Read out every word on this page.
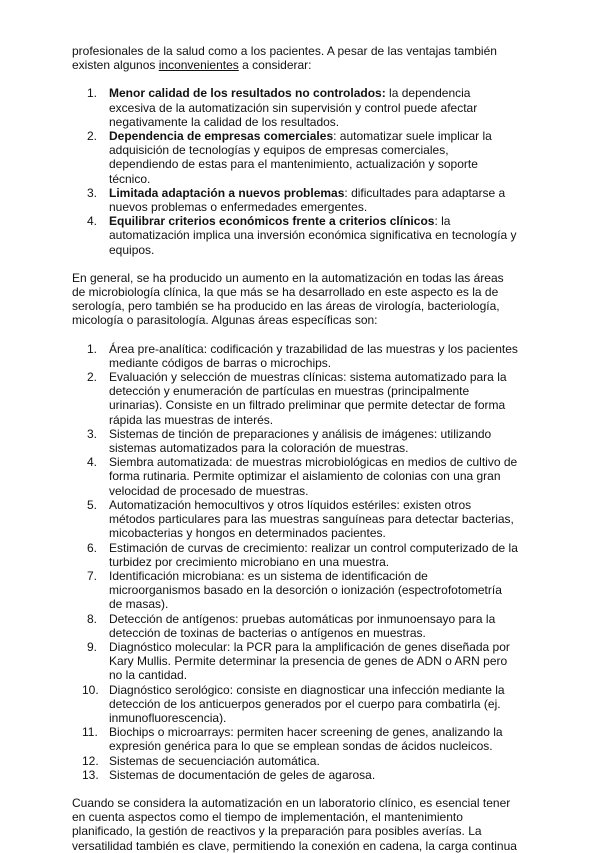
profesionales de la salud como a los pacientes. A pesar de las ventajas también existen algunos inconvenientes a considerar:

1. Menor calidad de los resultados no controlados: la dependencia excesiva de la automatización sin supervisión y control puede afectar negativamente la calidad de los resultados.
2. Dependencia de empresas comerciales: automatizar suele implicar la adquisición de tecnologías y equipos de empresas comerciales, dependiendo de estas para el mantenimiento, actualización y soporte técnico.
3. Limitada adaptación a nuevos problemas: dificultades para adaptarse a nuevos problemas o enfermedades emergentes.
4. Equilibrar criterios económicos frente a criterios clínicos: la automatización implica una inversión económica significativa en tecnología y equipos.

En general, se ha producido un aumento en la automatización en todas las áreas de microbiología clínica, la que más se ha desarrollado en este aspecto es la de serología, pero también se ha producido en las áreas de virología, bacteriología, micología o parasitología. Algunas áreas específicas son:

1. Área pre-analítica: codificación y trazabilidad de las muestras y los pacientes mediante códigos de barras o microchips.
2. Evaluación y selección de muestras clínicas: sistema automatizado para la detección y enumeración de partículas en muestras (principalmente urinarias). Consiste en un filtrado preliminar que permite detectar de forma rápida las muestras de interés.
3. Sistemas de tinción de preparaciones y análisis de imágenes: utilizando sistemas automatizados para la coloración de muestras.
4. Siembra automatizada: de muestras microbiológicas en medios de cultivo de forma rutinaria. Permite optimizar el aislamiento de colonias con una gran velocidad de procesado de muestras.
5. Automatización hemocultivos y otros líquidos estériles: existen otros métodos particulares para las muestras sanguíneas para detectar bacterias, micobacterias y hongos en determinados pacientes.
6. Estimación de curvas de crecimiento: realizar un control computerizado de la turbidez por crecimiento microbiano en una muestra.
7. Identificación microbiana: es un sistema de identificación de microorganismos basado en la desorción o ionización (espectrofotometría de masas).
8. Detección de antígenos: pruebas automáticas por inmunoensayo para la detección de toxinas de bacterias o antígenos en muestras.
9. Diagnóstico molecular: la PCR para la amplificación de genes diseñada por Kary Mullis. Permite determinar la presencia de genes de ADN o ARN pero no la cantidad.
10. Diagnóstico serológico: consiste en diagnosticar una infección mediante la detección de los anticuerpos generados por el cuerpo para combatirla (ej. inmunofluorescencia).
11. Biochips o microarrays: permiten hacer screening de genes, analizando la expresión genérica para lo que se emplean sondas de ácidos nucleicos.
12. Sistemas de secuenciación automática.
13. Sistemas de documentación de geles de agarosa.

Cuando se considera la automatización en un laboratorio clínico, es esencial tener en cuenta aspectos como el tiempo de implementación, el mantenimiento planificado, la gestión de reactivos y la preparación para posibles averías. La versatilidad también es clave, permitiendo la conexión en cadena, la carga continua
